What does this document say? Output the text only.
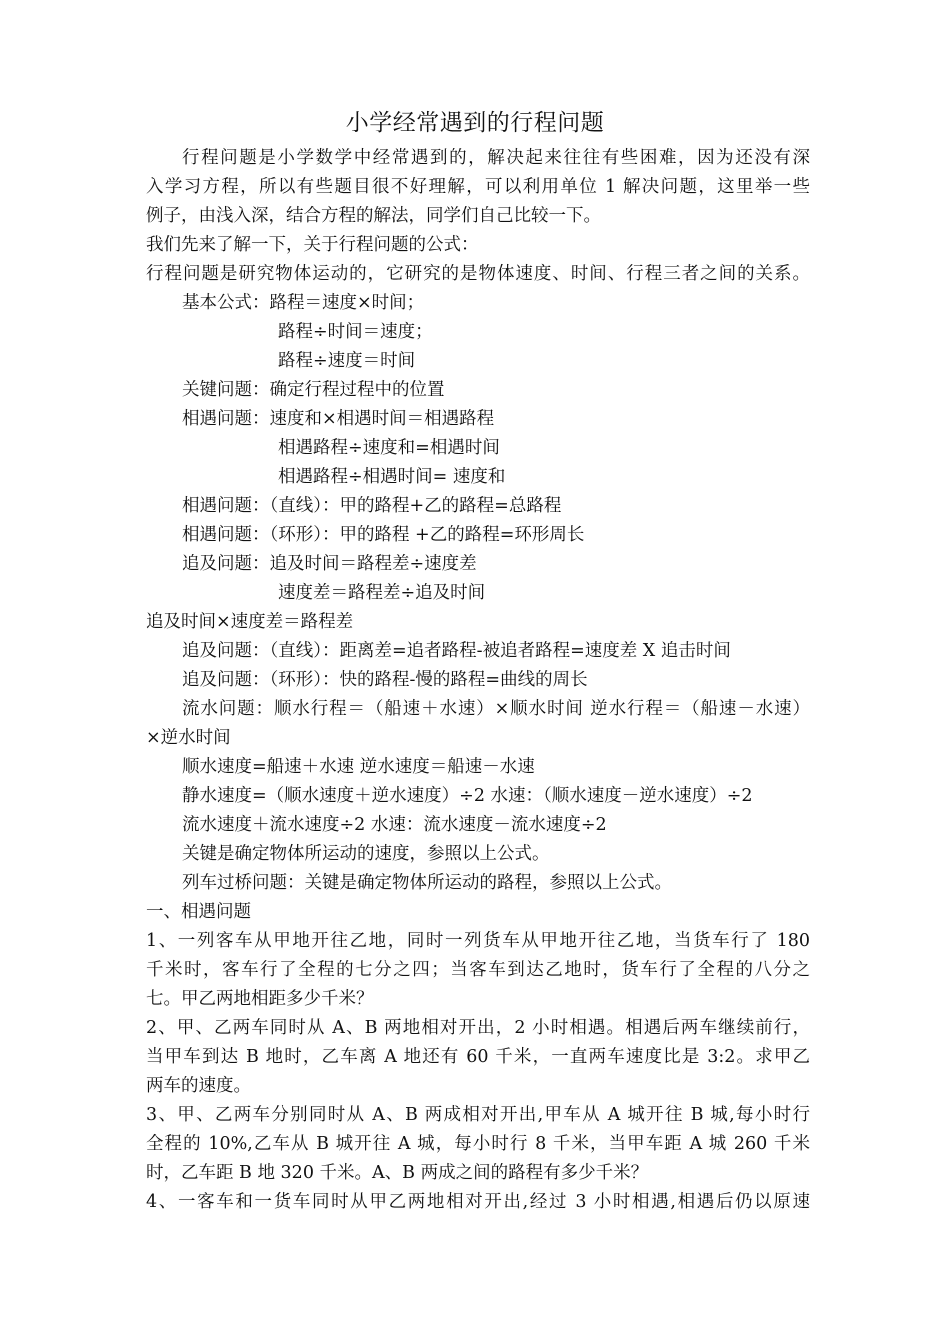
小学经常遇到的行程问题
行程问题是小学数学中经常遇到的，解决起来往往有些困难，因为还没有深
入学习方程，所以有些题目很不好理解，可以利用单位 1 解决问题，这里举一些
例子，由浅入深，结合方程的解法，同学们自己比较一下。
我们先来了解一下，关于行程问题的公式：
行程问题是研究物体运动的，它研究的是物体速度、时间、行程三者之间的关系。
基本公式：路程＝速度×时间；
路程÷时间＝速度；
路程÷速度＝时间
关键问题：确定行程过程中的位置
相遇问题：速度和×相遇时间＝相遇路程
相遇路程÷速度和=相遇时间
相遇路程÷相遇时间= 速度和
相遇问题：（直线）：甲的路程+乙的路程=总路程
相遇问题：（环形）：甲的路程 +乙的路程=环形周长
追及问题：追及时间＝路程差÷速度差
速度差＝路程差÷追及时间
追及时间×速度差＝路程差
追及问题：（直线）：距离差=追者路程-被追者路程=速度差 X 追击时间
追及问题：（环形）：快的路程-慢的路程=曲线的周长
流水问题：顺水行程＝（船速＋水速）×顺水时间 逆水行程＝（船速－水速）
×逆水时间
顺水速度=船速＋水速 逆水速度＝船速－水速
静水速度=（顺水速度＋逆水速度）÷2 水速：（顺水速度－逆水速度）÷2
流水速度＋流水速度÷2 水速：流水速度－流水速度÷2
关键是确定物体所运动的速度，参照以上公式。
列车过桥问题：关键是确定物体所运动的路程，参照以上公式。
一、相遇问题
1、一列客车从甲地开往乙地，同时一列货车从甲地开往乙地，当货车行了 180
千米时，客车行了全程的七分之四；当客车到达乙地时，货车行了全程的八分之
七。甲乙两地相距多少千米？
2、甲、乙两车同时从 A、B 两地相对开出，2 小时相遇。相遇后两车继续前行，
当甲车到达 B 地时，乙车离 A 地还有 60 千米，一直两车速度比是 3:2。求甲乙
两车的速度。
3、甲、乙两车分别同时从 A、B 两成相对开出,甲车从 A 城开往 B 城,每小时行
全程的 10%,乙车从 B 城开往 A 城，每小时行 8 千米，当甲车距 A 城 260 千米
时，乙车距 B 地 320 千米。A、B 两成之间的路程有多少千米？
4、一客车和一货车同时从甲乙两地相对开出,经过 3 小时相遇,相遇后仍以原速
